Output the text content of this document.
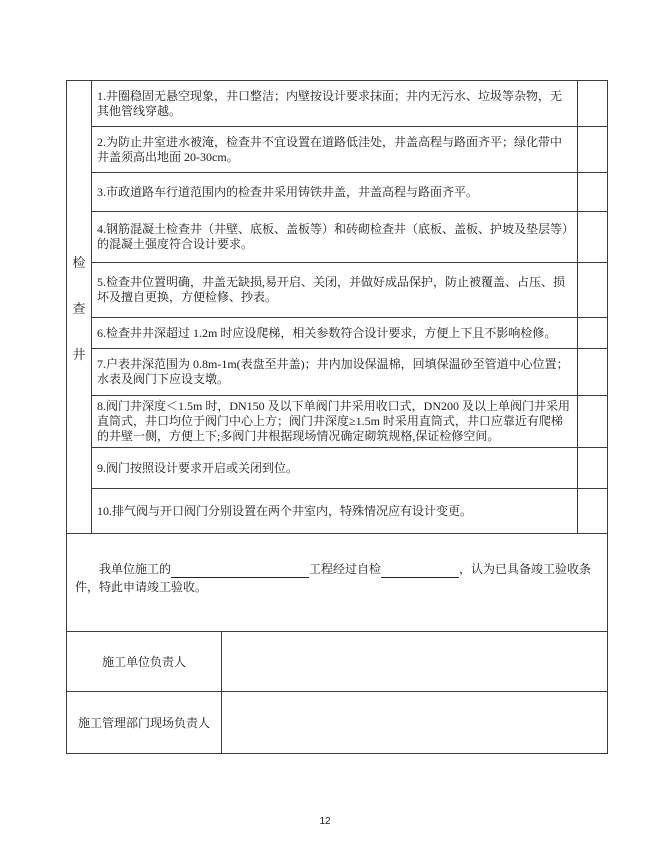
检
查
井
1.井圈稳固无悬空现象，井口整洁；内壁按设计要求抹面；井内无污水、垃圾等杂物，无其他管线穿越。
2.为防止井室进水被淹，检查井不宜设置在道路低洼处，井盖高程与路面齐平；绿化带中井盖须高出地面 20-30cm。
3.市政道路车行道范围内的检查井采用铸铁井盖，井盖高程与路面齐平。
4.钢筋混凝土检查井（井壁、底板、盖板等）和砖砌检查井（底板、盖板、护坡及垫层等）的混凝土强度符合设计要求。
5.检查井位置明确，井盖无缺损,易开启、关闭，并做好成品保护，防止被覆盖、占压、损坏及擅自更换，方便检修、抄表。
6.检查井井深超过 1.2m 时应设爬梯，相关参数符合设计要求，方便上下且不影响检修。
7.户表井深范围为 0.8m-1m(表盘至井盖)；井内加设保温棉，回填保温砂至管道中心位置；水表及阀门下应设支墩。
8.阀门井深度＜1.5m 时，DN150 及以下单阀门井采用收口式，DN200 及以上单阀门井采用直筒式，井口均位于阀门中心上方；阀门井深度≥1.5m 时采用直筒式，井口应靠近有爬梯的井壁一侧，方便上下;多阀门井根据现场情况确定砌筑规格,保证检修空间。
9.阀门按照设计要求开启或关闭到位。
10.排气阀与开口阀门分别设置在两个井室内，特殊情况应有设计变更。

我单位施工的	工程经过自检	，认为已具备竣工验收条件，特此申请竣工验收。

施工单位负责人
施工管理部门现场负责人
12
